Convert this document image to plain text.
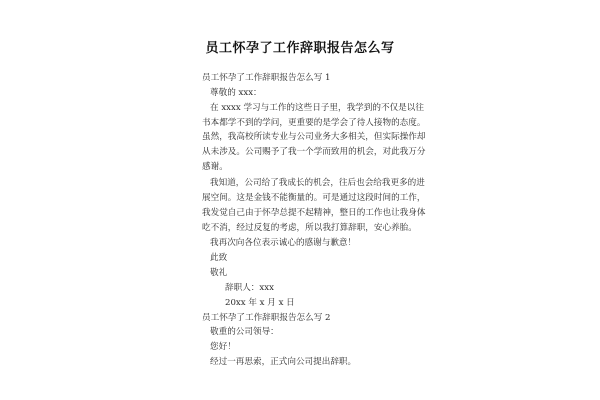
员工怀孕了工作辞职报告怎么写
员工怀孕了工作辞职报告怎么写 1
尊敬的 xxx：
在 xxxx 学习与工作的这些日子里，我学到的不仅是以往
书本都学不到的学问，更重要的是学会了待人接物的态度。
虽然，我高校所读专业与公司业务大多相关，但实际操作却
从未涉及。公司赐予了我一个学而致用的机会，对此我万分
感谢。
我知道，公司给了我成长的机会，往后也会给我更多的进
展空间。这是金钱不能衡量的。可是通过这段时间的工作，
我发觉自己由于怀孕总提不起精神，整日的工作也让我身体
吃不消，经过反复的考虑，所以我打算辞职，安心养胎。
我再次向各位表示诚心的感谢与歉意！
此致
敬礼
辞职人：xxx
20xx 年 x 月 x 日
员工怀孕了工作辞职报告怎么写 2
敬重的公司领导：
您好！
经过一再思索，正式向公司提出辞职。
